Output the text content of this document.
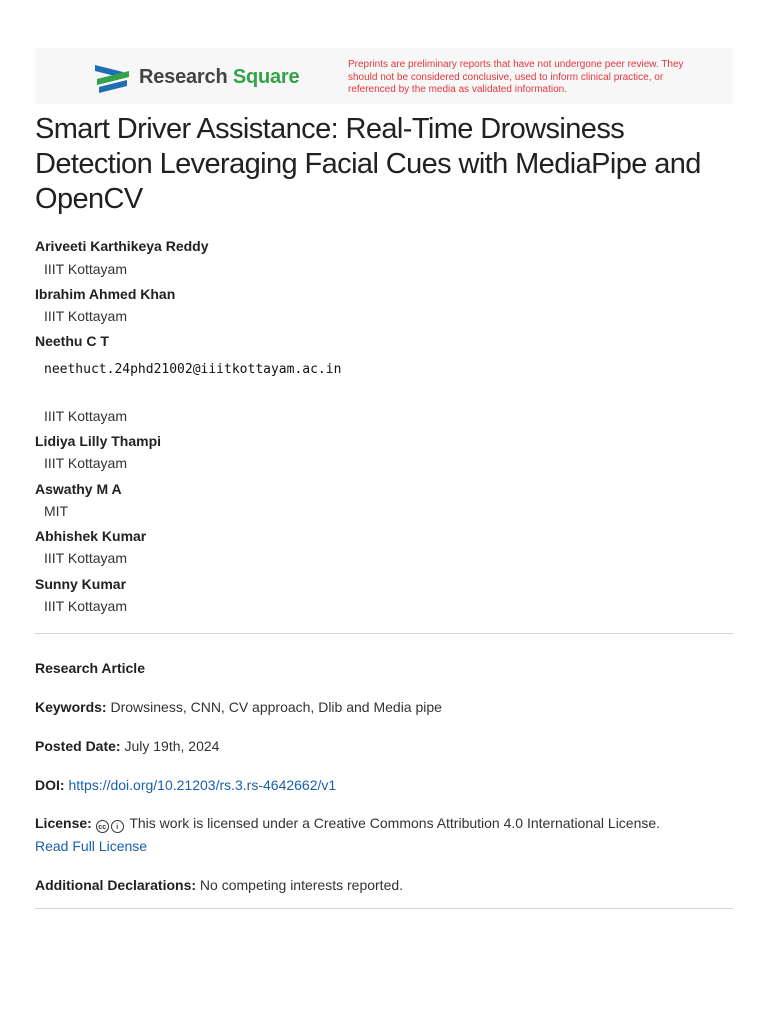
Research Square
Preprints are preliminary reports that have not undergone peer review. They should not be considered conclusive, used to inform clinical practice, or referenced by the media as validated information.
Smart Driver Assistance: Real-Time Drowsiness Detection Leveraging Facial Cues with MediaPipe and OpenCV
Ariveeti Karthikeya Reddy
IIIT Kottayam
Ibrahim Ahmed Khan
IIIT Kottayam
Neethu C T
neethuct.24phd21002@iiitkottayam.ac.in
IIIT Kottayam
Lidiya Lilly Thampi
IIIT Kottayam
Aswathy M A
MIT
Abhishek Kumar
IIIT Kottayam
Sunny Kumar
IIIT Kottayam
Research Article
Keywords: Drowsiness, CNN, CV approach, Dlib and Media pipe
Posted Date: July 19th, 2024
DOI: https://doi.org/10.21203/rs.3.rs-4642662/v1
License: cc i This work is licensed under a Creative Commons Attribution 4.0 International License.
Read Full License
Additional Declarations: No competing interests reported.
